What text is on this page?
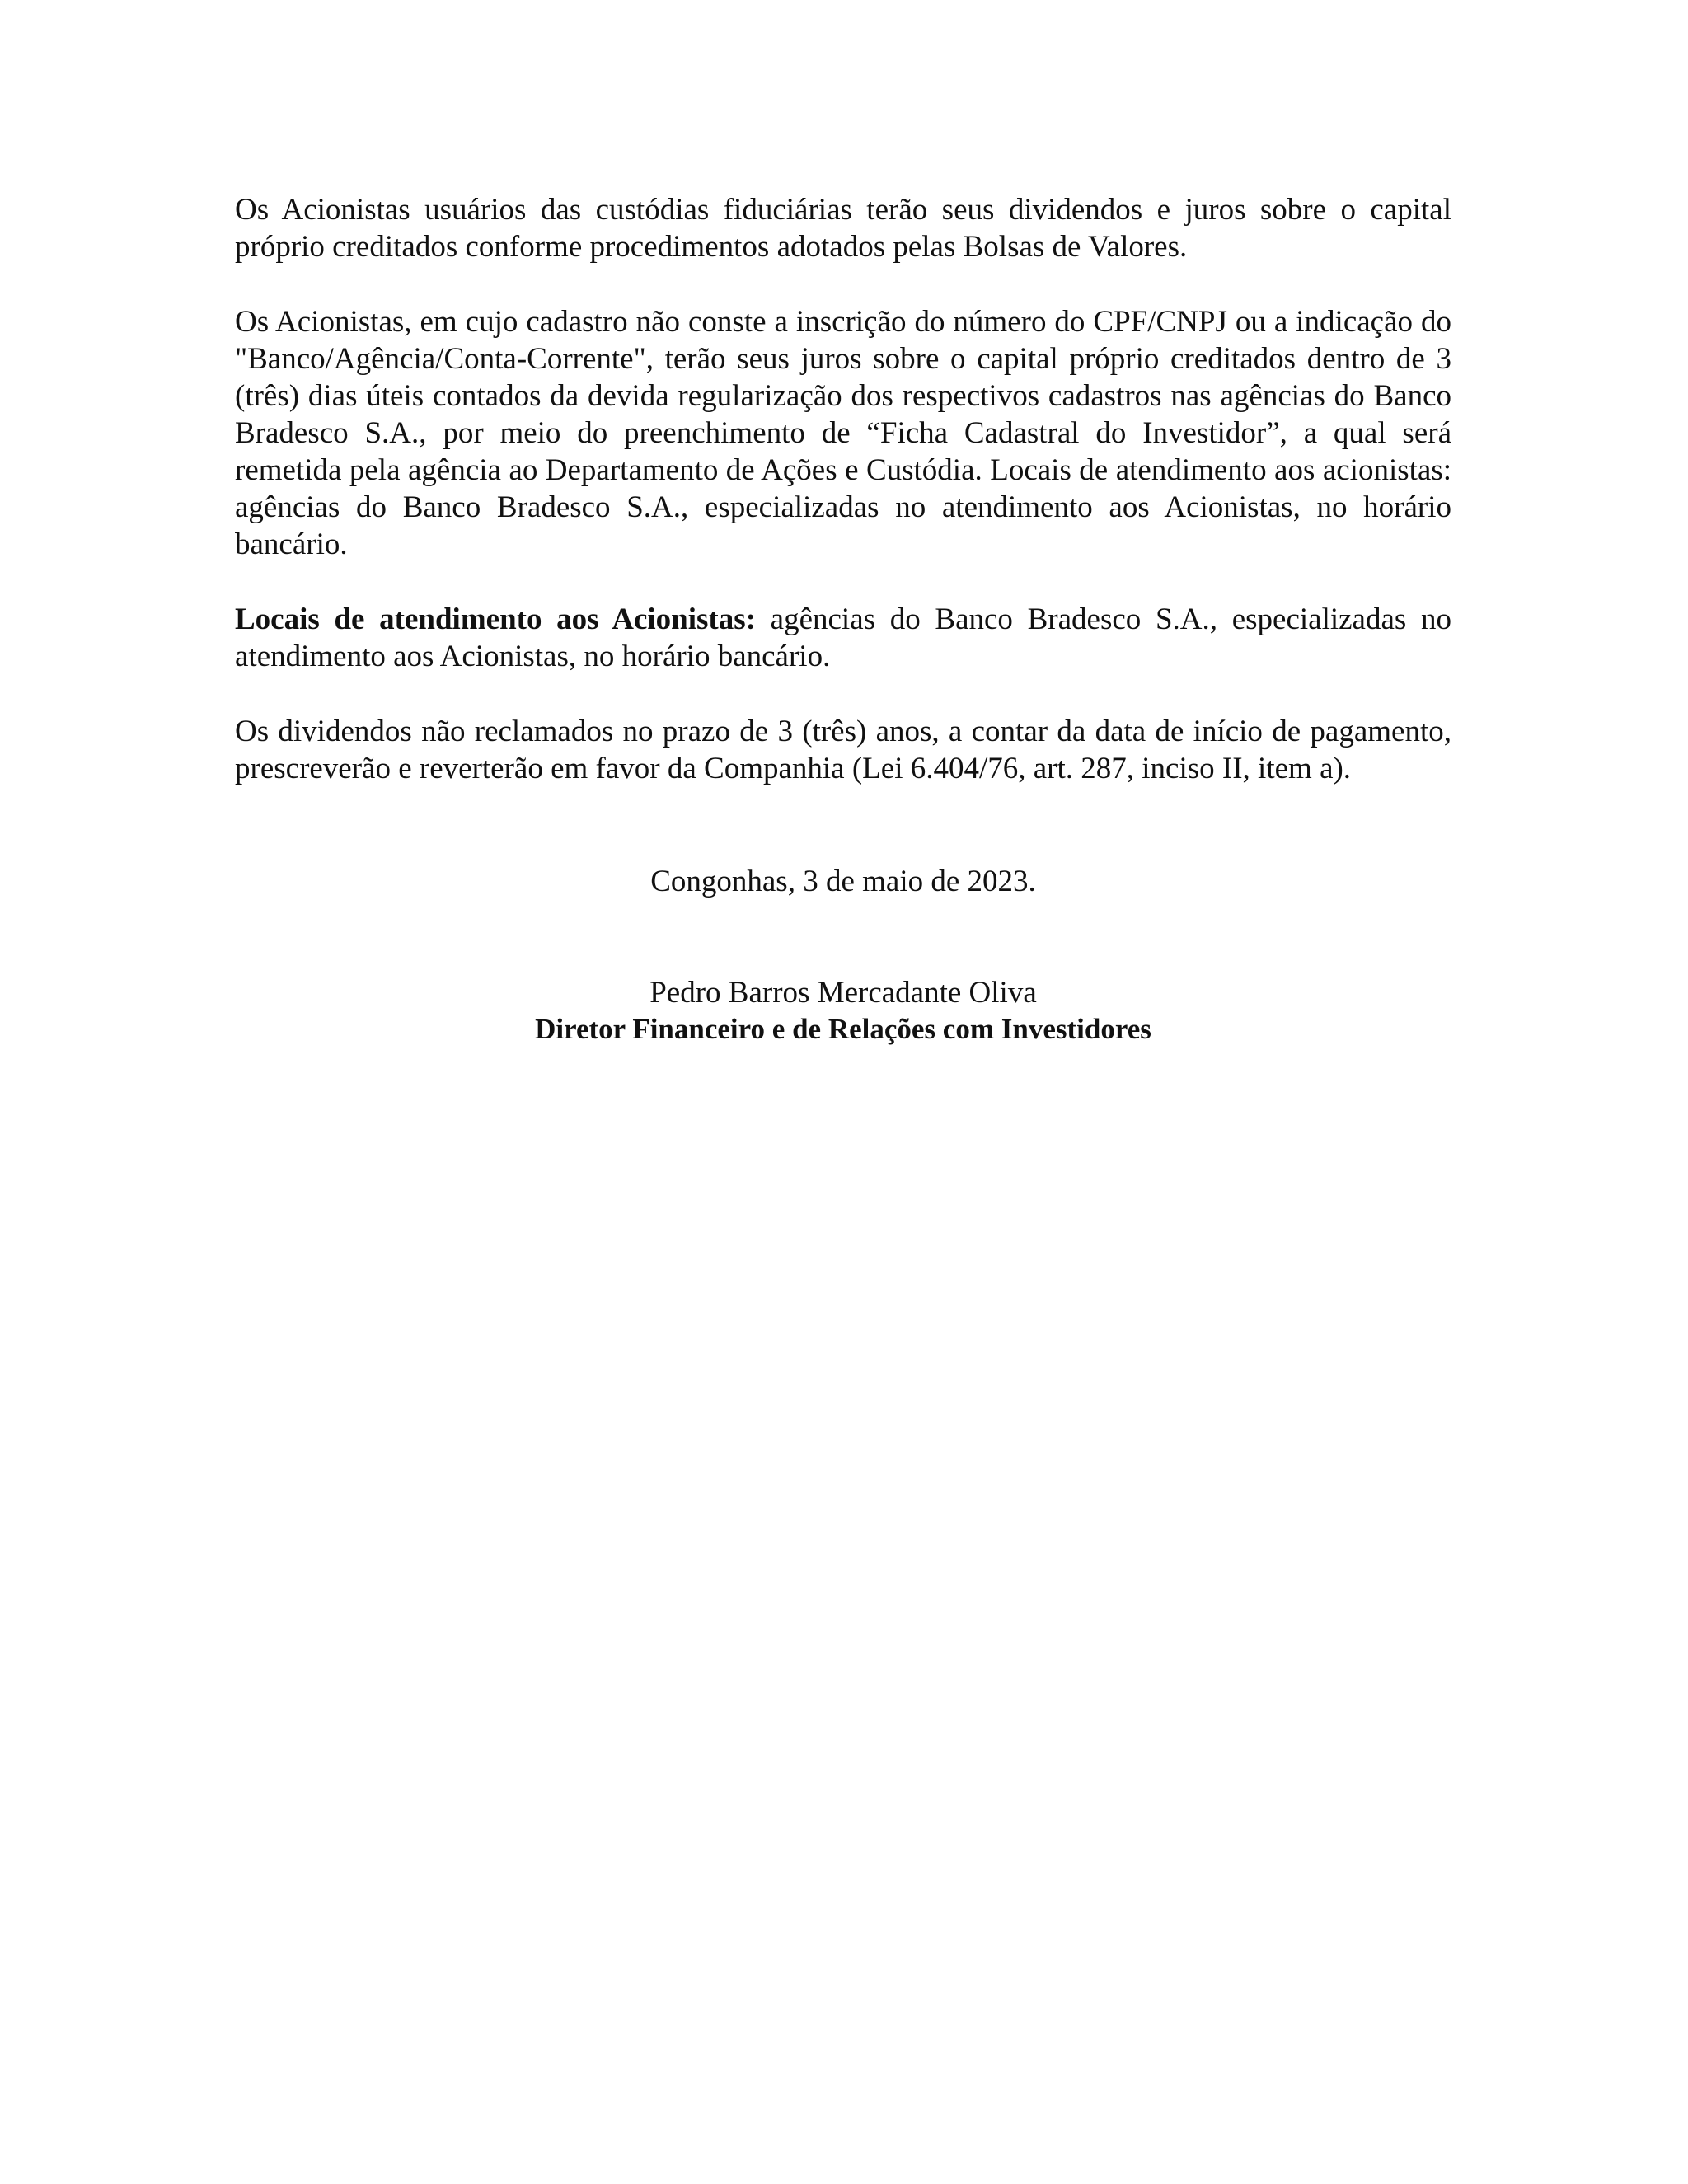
Os Acionistas usuários das custódias fiduciárias terão seus dividendos e juros sobre o capital próprio creditados conforme procedimentos adotados pelas Bolsas de Valores.

Os Acionistas, em cujo cadastro não conste a inscrição do número do CPF/CNPJ ou a indicação do "Banco/Agência/Conta-Corrente", terão seus juros sobre o capital próprio creditados dentro de 3 (três) dias úteis contados da devida regularização dos respectivos cadastros nas agências do Banco Bradesco S.A., por meio do preenchimento de “Ficha Cadastral do Investidor”, a qual será remetida pela agência ao Departamento de Ações e Custódia. Locais de atendimento aos acionistas: agências do Banco Bradesco S.A., especializadas no atendimento aos Acionistas, no horário bancário.

Locais de atendimento aos Acionistas: agências do Banco Bradesco S.A., especializadas no atendimento aos Acionistas, no horário bancário.

Os dividendos não reclamados no prazo de 3 (três) anos, a contar da data de início de pagamento, prescreverão e reverterão em favor da Companhia (Lei 6.404/76, art. 287, inciso II, item a).

Congonhas, 3 de maio de 2023.

Pedro Barros Mercadante Oliva

Diretor Financeiro e de Relações com Investidores
